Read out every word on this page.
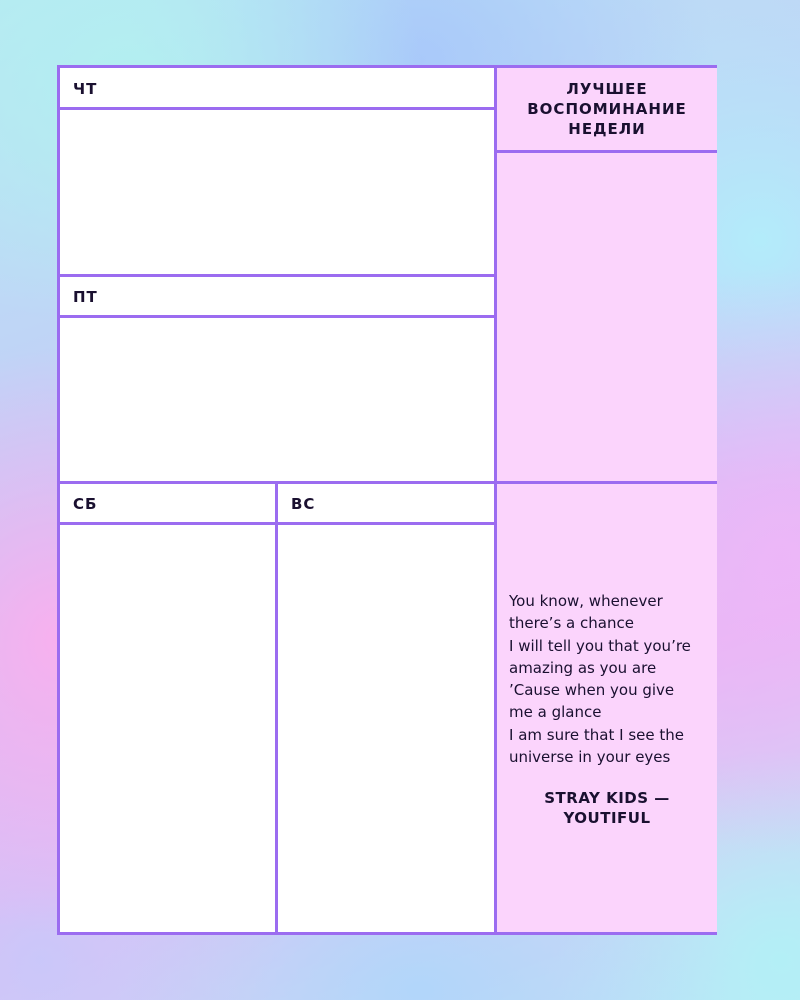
ЧТ
ПТ
СБ	ВС
ЛУЧШЕЕ ВОСПОМИНАНИЕ НЕДЕЛИ
You know, whenever
there’s a chance
I will tell you that you’re
amazing as you are
’Cause when you give
me a glance
I am sure that I see the
universe in your eyes
STRAY KIDS —
YOUTIFUL
